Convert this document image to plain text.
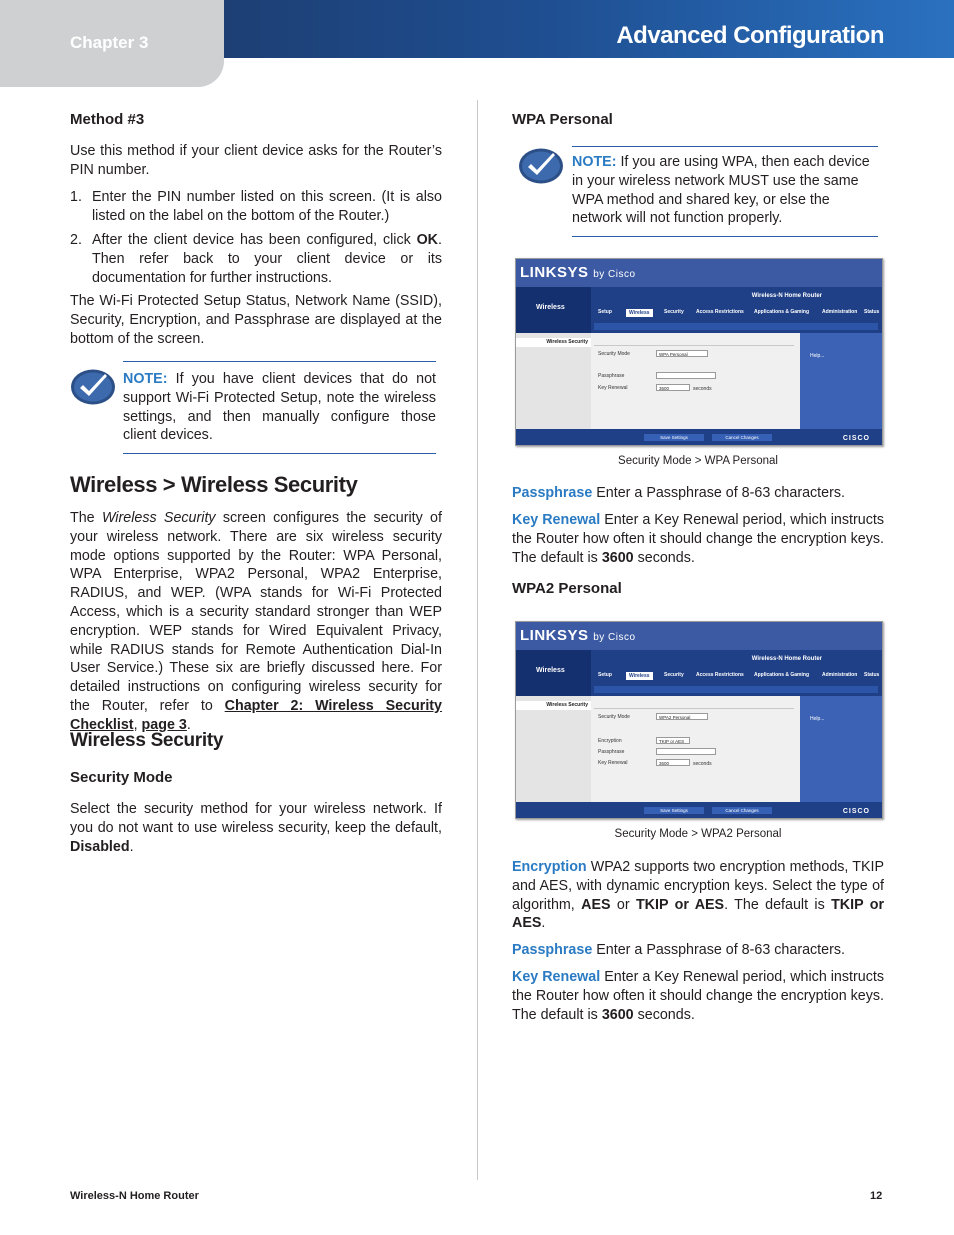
Chapter 3	Advanced Configuration
Method #3

Use this method if your client device asks for the Router’s PIN number.

1. Enter the PIN number listed on this screen. (It is also listed on the label on the bottom of the Router.)
2. After the client device has been configured, click OK. Then refer back to your client device or its documentation for further instructions.

The Wi-Fi Protected Setup Status, Network Name (SSID), Security, Encryption, and Passphrase are displayed at the bottom of the screen.

NOTE: If you have client devices that do not support Wi-Fi Protected Setup, note the wireless settings, and then manually configure those client devices.
Wireless > Wireless Security

The Wireless Security screen configures the security of your wireless network. There are six wireless security mode options supported by the Router: WPA Personal, WPA Enterprise, WPA2 Personal, WPA2 Enterprise, RADIUS, and WEP. (WPA stands for Wi-Fi Protected Access, which is a security standard stronger than WEP encryption. WEP stands for Wired Equivalent Privacy, while RADIUS stands for Remote Authentication Dial-In User Service.) These six are briefly discussed here. For detailed instructions on configuring wireless security for the Router, refer to Chapter 2: Wireless Security Checklist, page 3.

Wireless Security
Security Mode

Select the security method for your wireless network. If you do not want to use wireless security, keep the default, Disabled.

WPA Personal
NOTE: If you are using WPA, then each device in your wireless network MUST use the same WPA method and shared key, or else the network will not function properly.
LINKSYS by Cisco
Wireless
Wireless-N Home Router
Setup	Wireless	Security Access Restrictions Applications & Gaming	Administration Status
Wireless Security
Security Mode	WPA Personal
Passphrase
Key Renewal	3600	seconds
Help...
Save Settings	Cancel Changes	CISCO
Security Mode > WPA Personal

Passphrase Enter a Passphrase of 8-63 characters.

Key Renewal Enter a Key Renewal period, which instructs the Router how often it should change the encryption keys. The default is 3600 seconds.

WPA2 Personal
LINKSYS by Cisco
Wireless
Wireless-N Home Router
Setup	Wireless	Security Access Restrictions Applications & Gaming	Administration Status
Wireless Security
Security Mode	WPA2 Personal
Encryption	TKIP or AES
Passphrase
Key Renewal	3600	seconds
Help...
Save Settings	Cancel Changes	CISCO
Security Mode > WPA2 Personal

Encryption WPA2 supports two encryption methods, TKIP and AES, with dynamic encryption keys. Select the type of algorithm, AES or TKIP or AES. The default is TKIP or AES.

Passphrase Enter a Passphrase of 8-63 characters.

Key Renewal Enter a Key Renewal period, which instructs the Router how often it should change the encryption keys. The default is 3600 seconds.

Wireless-N Home Router	12
